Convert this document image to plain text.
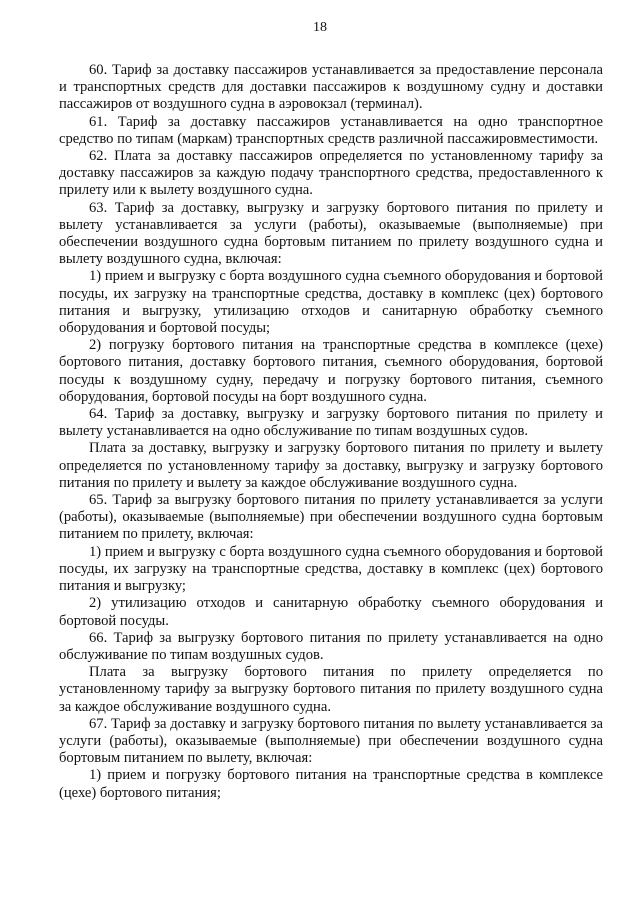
18

60. Тариф за доставку пассажиров устанавливается за предоставление персонала и транспортных средств для доставки пассажиров к воздушному судну и доставки пассажиров от воздушного судна в аэровокзал (терминал).

61. Тариф за доставку пассажиров устанавливается на одно транспортное средство по типам (маркам) транспортных средств различной пассажировместимости.

62. Плата за доставку пассажиров определяется по установленному тарифу за доставку пассажиров за каждую подачу транспортного средства, предоставленного к прилету или к вылету воздушного судна.

63. Тариф за доставку, выгрузку и загрузку бортового питания по прилету и вылету устанавливается за услуги (работы), оказываемые (выполняемые) при обеспечении воздушного судна бортовым питанием по прилету воздушного судна и вылету воздушного судна, включая:

1) прием и выгрузку с борта воздушного судна съемного оборудования и бортовой посуды, их загрузку на транспортные средства, доставку в комплекс (цех) бортового питания и выгрузку, утилизацию отходов и санитарную обработку съемного оборудования и бортовой посуды;

2) погрузку бортового питания на транспортные средства в комплексе (цехе) бортового питания, доставку бортового питания, съемного оборудования, бортовой посуды к воздушному судну, передачу и погрузку бортового питания, съемного оборудования, бортовой посуды на борт воздушного судна.

64. Тариф за доставку, выгрузку и загрузку бортового питания по прилету и вылету устанавливается на одно обслуживание по типам воздушных судов.

Плата за доставку, выгрузку и загрузку бортового питания по прилету и вылету определяется по установленному тарифу за доставку, выгрузку и загрузку бортового питания по прилету и вылету за каждое обслуживание воздушного судна.

65. Тариф за выгрузку бортового питания по прилету устанавливается за услуги (работы), оказываемые (выполняемые) при обеспечении воздушного судна бортовым питанием по прилету, включая:

1) прием и выгрузку с борта воздушного судна съемного оборудования и бортовой посуды, их загрузку на транспортные средства, доставку в комплекс (цех) бортового питания и выгрузку;

2) утилизацию отходов и санитарную обработку съемного оборудования и бортовой посуды.

66. Тариф за выгрузку бортового питания по прилету устанавливается на одно обслуживание по типам воздушных судов.

Плата за выгрузку бортового питания по прилету определяется по установленному тарифу за выгрузку бортового питания по прилету воздушного судна за каждое обслуживание воздушного судна.

67. Тариф за доставку и загрузку бортового питания по вылету устанавливается за услуги (работы), оказываемые (выполняемые) при обеспечении воздушного судна бортовым питанием по вылету, включая:

1) прием и погрузку бортового питания на транспортные средства в комплексе (цехе) бортового питания;
